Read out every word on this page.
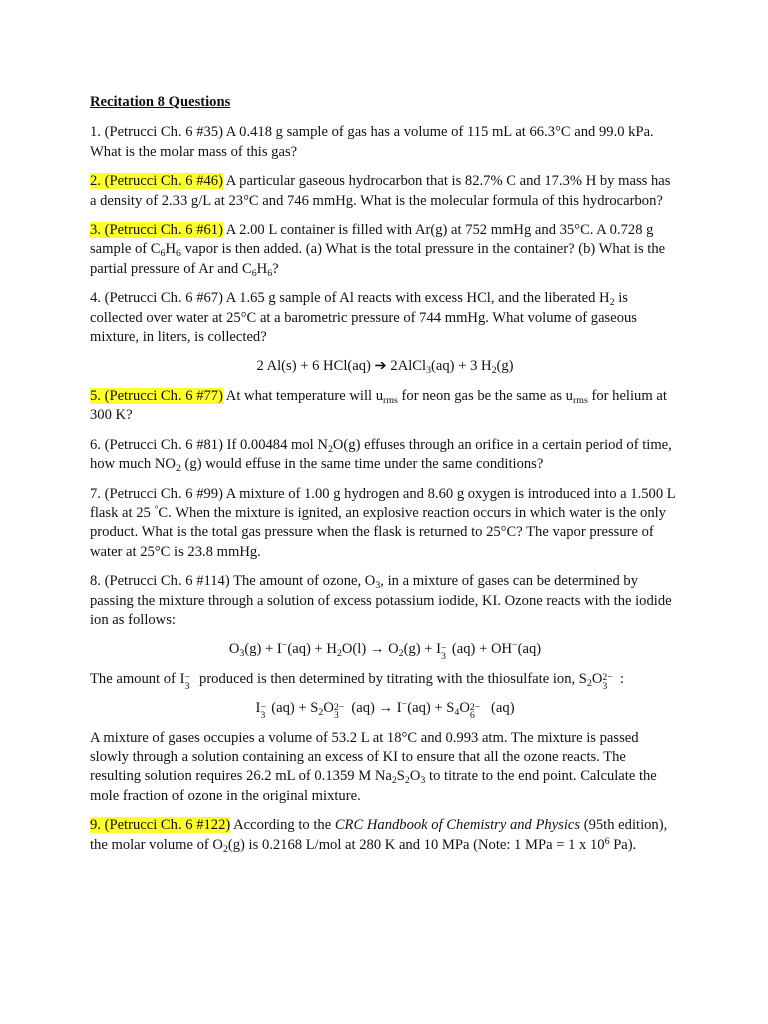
Recitation 8 Questions

1. (Petrucci Ch. 6 #35) A 0.418 g sample of gas has a volume of 115 mL at 66.3°C and 99.0 kPa. What is the molar mass of this gas?

2. (Petrucci Ch. 6 #46) A particular gaseous hydrocarbon that is 82.7% C and 17.3% H by mass has a density of 2.33 g/L at 23°C and 746 mmHg. What is the molecular formula of this hydrocarbon?

3. (Petrucci Ch. 6 #61) A 2.00 L container is filled with Ar(g) at 752 mmHg and 35°C. A 0.728 g sample of $C_6H_6$ vapor is then added. (a) What is the total pressure in the container? (b) What is the partial pressure of Ar and $C_6H_6$?

4. (Petrucci Ch. 6 #67) A 1.65 g sample of Al reacts with excess HCl, and the liberated $H_2$ is collected over water at 25°C at a barometric pressure of 744 mmHg. What volume of gaseous mixture, in liters, is collected?

2 Al(s) + 6 HCl(aq) ➔ 2AlCl$_3$(aq) + 3 $H_2(g)$

5. (Petrucci Ch. 6 #77) At what temperature will $u_{rms}$ for neon gas be the same as $u_{rms}$ for helium at 300 K?

6. (Petrucci Ch. 6 #81) If 0.00484 mol $N_2O(g)$ effuses through an orifice in a certain period of time, how much $NO_2$ (g) would effuse in the same time under the same conditions?

7. (Petrucci Ch. 6 #99) A mixture of 1.00 g hydrogen and 8.60 g oxygen is introduced into a 1.500 L flask at 25 °C. When the mixture is ignited, an explosive reaction occurs in which water is the only product. What is the total gas pressure when the flask is returned to 25°C? The vapor pressure of water at 25°C is 23.8 mmHg.

8. (Petrucci Ch. 6 #114) The amount of ozone, $O_3$, in a mixture of gases can be determined by passing the mixture through a solution of excess potassium iodide, KI. Ozone reacts with the iodide ion as follows:

$O_3(g) + I^-(aq) + H_2O(l) \to O_2(g) + I$ −
3 (aq) + OH−(aq)

The amount of I −
3 produced is then determined by titrating with the thiosulfate ion, $S_2O$ 2−
3 :

I −
3 $(aq) + S_2O$ 2−
3 $(aq) \to I^-(aq) + S_4O$ 2−
6 (aq)

A mixture of gases occupies a volume of 53.2 L at 18°C and 0.993 atm. The mixture is passed slowly through a solution containing an excess of KI to ensure that all the ozone reacts. The resulting solution requires 26.2 mL of 0.1359 M $Na_2S_2O_3$ to titrate to the end point. Calculate the mole fraction of ozone in the original mixture.

9. (Petrucci Ch. 6 #122) According to the CRC Handbook of Chemistry and Physics (95th edition), the molar volume of $O_2(g)$ is 0.2168 L/mol at 280 K and 10 MPa (Note: 1 MPa = 1 x $10^6$ Pa).
